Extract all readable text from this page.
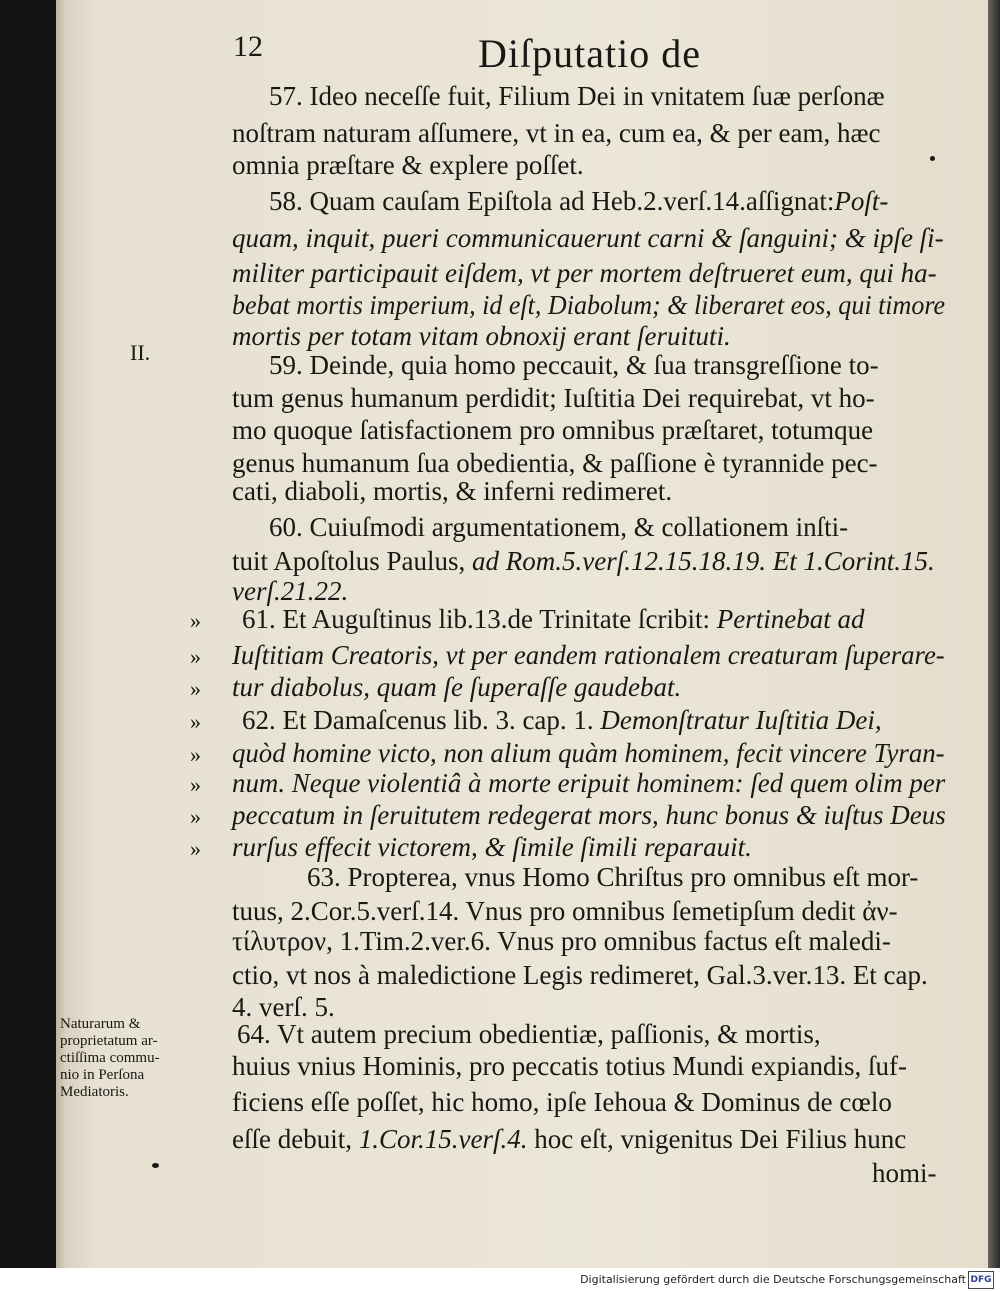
12	Diſputatio de
II.
Naturarum &
proprietatum ar-
ctiſſima commu-
nio in Perſona
Mediatoris.
57. Ideo neceſſe fuit, Filium Dei in vnitatem ſuæ perſonæ
noſtram naturam aſſumere, vt in ea, cum ea, & per eam, hæc
omnia præſtare & explere poſſet.
58. Quam cauſam Epiſtola ad Heb.2.verſ.14.aſſignat:Poſt-
quam, inquit, pueri communicauerunt carni & ſanguini; & ipſe ſi-
militer participauit eiſdem, vt per mortem deſtrueret eum, qui ha-
bebat mortis imperium, id eſt, Diabolum; & liberaret eos, qui timore
mortis per totam vitam obnoxij erant ſeruituti.
59. Deinde, quia homo peccauit, & ſua transgreſſione to-
tum genus humanum perdidit; Iuſtitia Dei requirebat, vt ho-
mo quoque ſatisfactionem pro omnibus præſtaret, totumque
genus humanum ſua obedientia, & paſſione è tyrannide pec-
cati, diaboli, mortis, & inferni redimeret.
60. Cuiuſmodi argumentationem, & collationem inſti-
tuit Apoſtolus Paulus, ad Rom.5.verſ.12.15.18.19. Et 1.Corint.15.
verſ.21.22.
61. Et Auguſtinus lib.13.de Trinitate ſcribit: Pertinebat ad
Iuſtitiam Creatoris, vt per eandem rationalem creaturam ſuperare-
tur diabolus, quam ſe ſuperaſſe gaudebat.
62. Et Damaſcenus lib. 3. cap. 1. Demonſtratur Iuſtitia Dei,
quòd homine victo, non alium quàm hominem, fecit vincere Tyran-
num. Neque violentiâ à morte eripuit hominem: ſed quem olim per
peccatum in ſeruitutem redegerat mors, hunc bonus & iuſtus Deus
rurſus effecit victorem, & ſimile ſimili reparauit.
63. Propterea, vnus Homo Chriſtus pro omnibus eſt mor-
tuus, 2.Cor.5.verſ.14. Vnus pro omnibus ſemetipſum dedit ἀν-
τίλυτρον, 1.Tim.2.ver.6. Vnus pro omnibus factus eſt maledi-
ctio, vt nos à maledictione Legis redimeret, Gal.3.ver.13. Et cap.
4. verſ. 5.
64. Vt autem precium obedientiæ, paſſionis, & mortis,
huius vnius Hominis, pro peccatis totius Mundi expiandis, ſuf-
ficiens eſſe poſſet, hic homo, ipſe Iehoua & Dominus de cœlo
eſſe debuit, 1.Cor.15.verſ.4. hoc eſt, vnigenitus Dei Filius hunc
homi-
»
»
»
»
»
»
»
»
Digitalisierung gefördert durch die Deutsche Forschungsgemeinschaft DFG
